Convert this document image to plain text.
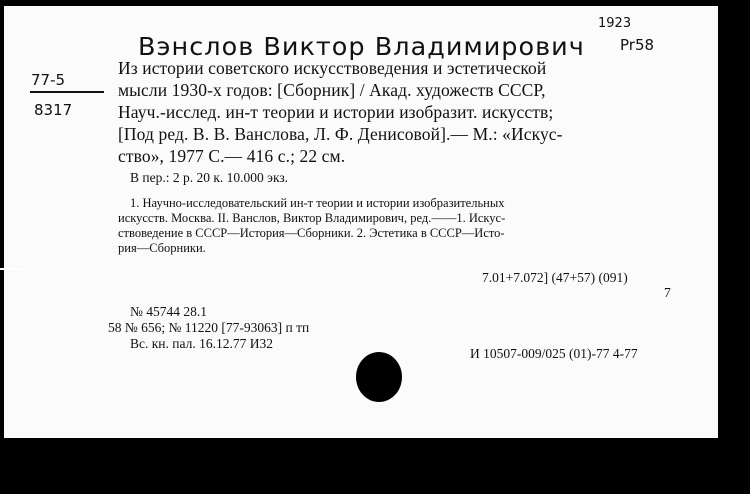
Вэнслов Виктор Владимирович
1923
Pr58
77-5
8317
Из истории советского искусствоведения и эстетической
мысли 1930-х годов: [Сборник] / Акад. художеств СССР,
Науч.-исслед. ин-т теории и истории изобразит. искусств;
[Под ред. В. В. Ванслова, Л. Ф. Денисовой].— М.: «Искус-
ство», 1977 С.— 416 с.; 22 см.
В пер.: 2 р. 20 к. 10.000 экз.
1. Научно-исследовательский ин-т теории и истории изобразительных
искусств. Москва. II. Ванслов, Виктор Владимирович, ред.——1. Искус-
ствоведение в СССР—История—Сборники. 2. Эстетика в СССР—Исто-
рия—Сборники.
7.01+7.072] (47+57) (091)
7
№ 45744 28.1
58 № 656; № 11220 [77-93063] п тп
Вс. кн. пал. 16.12.77 И32
И 10507-009/025 (01)-77 4-77
